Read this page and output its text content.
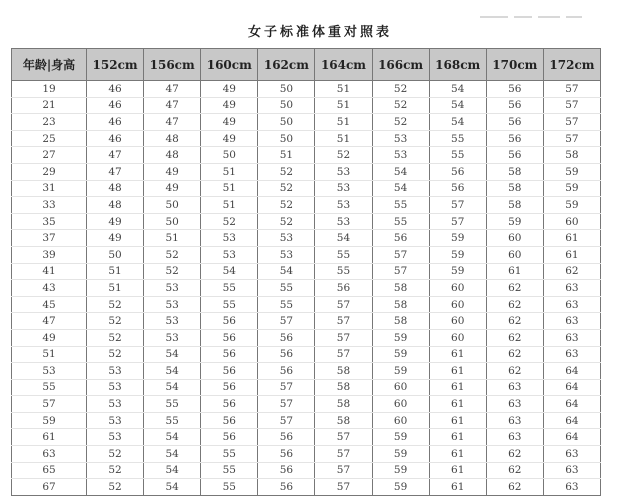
女子标准体重对照表
年龄|身高	152cm	156cm	160cm	162cm	164cm	166cm	168cm	170cm	172cm
19	46	47	49	50	51	52	54	56	57
21	46	47	49	50	51	52	54	56	57
23	46	47	49	50	51	52	54	56	57
25	46	48	49	50	51	53	55	56	57
27	47	48	50	51	52	53	55	56	58
29	47	49	51	52	53	54	56	58	59
31	48	49	51	52	53	54	56	58	59
33	48	50	51	52	53	55	57	58	59
35	49	50	52	52	53	55	57	59	60
37	49	51	53	53	54	56	59	60	61
39	50	52	53	53	55	57	59	60	61
41	51	52	54	54	55	57	59	61	62
43	51	53	55	55	56	58	60	62	63
45	52	53	55	55	57	58	60	62	63
47	52	53	56	57	57	58	60	62	63
49	52	53	56	56	57	59	60	62	63
51	52	54	56	56	57	59	61	62	63
53	53	54	56	56	58	59	61	62	64
55	53	54	56	57	58	60	61	63	64
57	53	55	56	57	58	60	61	63	64
59	53	55	56	57	58	60	61	63	64
61	53	54	56	56	57	59	61	63	64
63	52	54	55	56	57	59	61	62	63
65	52	54	55	56	57	59	61	62	63
67	52	54	55	56	57	59	61	62	63
